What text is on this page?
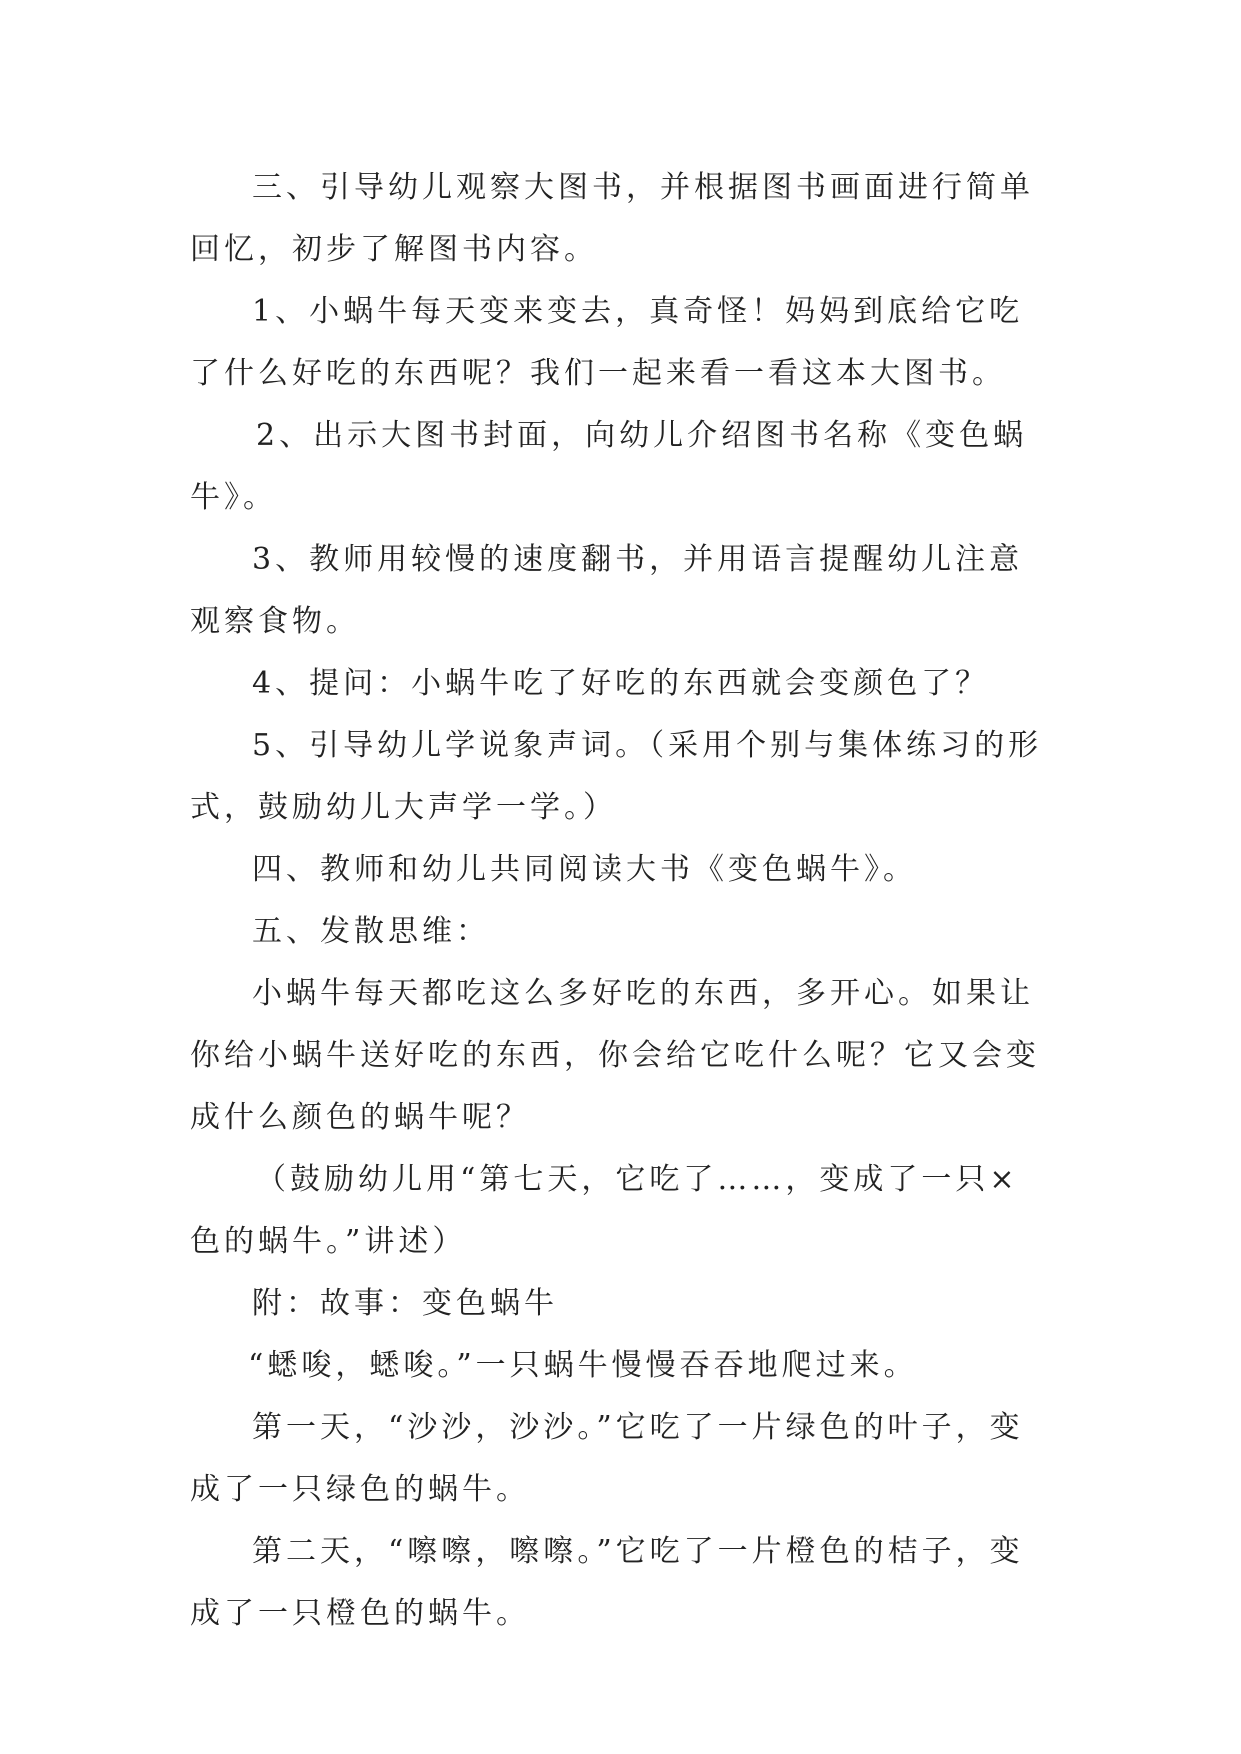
三、引导幼儿观察大图书，并根据图书画面进行简单回忆，初步了解图书内容。

1、小蜗牛每天变来变去，真奇怪！妈妈到底给它吃了什么好吃的东西呢？我们一起来看一看这本大图书。

2、出示大图书封面，向幼儿介绍图书名称《变色蜗牛》。

3、教师用较慢的速度翻书，并用语言提醒幼儿注意观察食物。

4、提问：小蜗牛吃了好吃的东西就会变颜色了？

5、引导幼儿学说象声词。（采用个别与集体练习的形式，鼓励幼儿大声学一学。）

四、教师和幼儿共同阅读大书《变色蜗牛》。

五、发散思维：

小蜗牛每天都吃这么多好吃的东西，多开心。如果让你给小蜗牛送好吃的东西，你会给它吃什么呢？它又会变成什么颜色的蜗牛呢？

（鼓励幼儿用“第七天，它吃了……，变成了一只×色的蜗牛。”讲述）

附：故事：变色蜗牛

“蟋唆，蟋唆。”一只蜗牛慢慢吞吞地爬过来。

第一天，“沙沙，沙沙。”它吃了一片绿色的叶子，变成了一只绿色的蜗牛。

第二天，“嚓嚓，嚓嚓。”它吃了一片橙色的桔子，变成了一只橙色的蜗牛。
